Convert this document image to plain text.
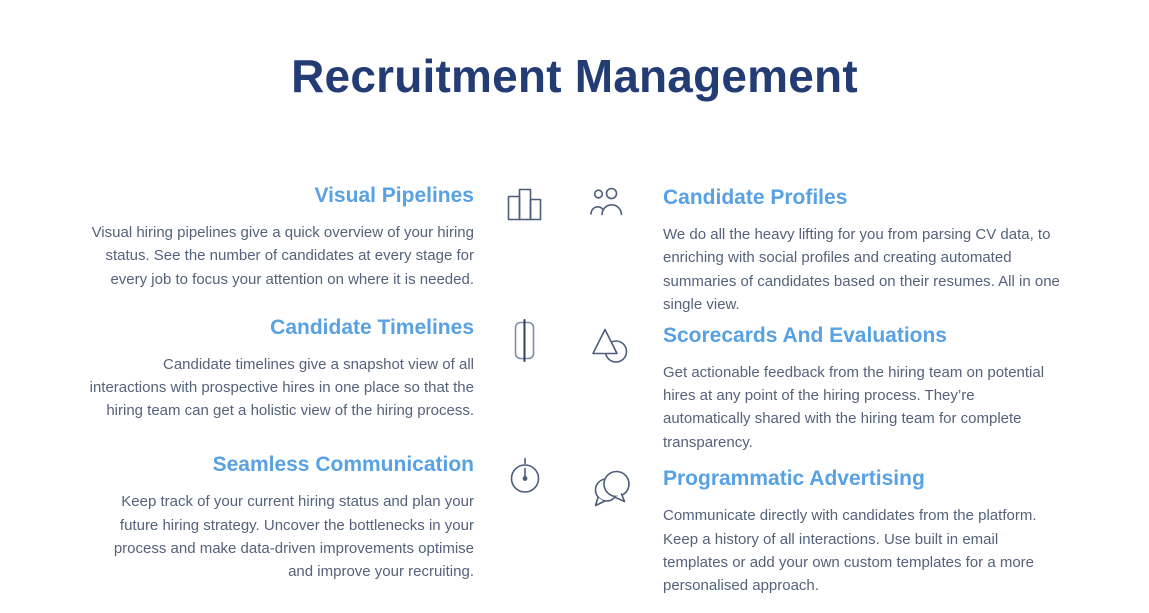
Recruitment Management
Visual Pipelines

Visual hiring pipelines give a quick overview of your hiring status. See the number of candidates at every stage for every job to focus your attention on where it is needed.

Candidate Profiles

We do all the heavy lifting for you from parsing CV data, to enriching with social profiles and creating automated summaries of candidates based on their resumes. All in one single view.

Candidate Timelines

Candidate timelines give a snapshot view of all interactions with prospective hires in one place so that the hiring team can get a holistic view of the hiring process.

Scorecards And Evaluations

Get actionable feedback from the hiring team on potential hires at any point of the hiring process. They’re automatically shared with the hiring team for complete transparency.

Seamless Communication

Keep track of your current hiring status and plan your future hiring strategy. Uncover the bottlenecks in your process and make data-driven improvements optimise and improve your recruiting.

Programmatic Advertising

Communicate directly with candidates from the platform. Keep a history of all interactions. Use built in email templates or add your own custom templates for a more personalised approach.
